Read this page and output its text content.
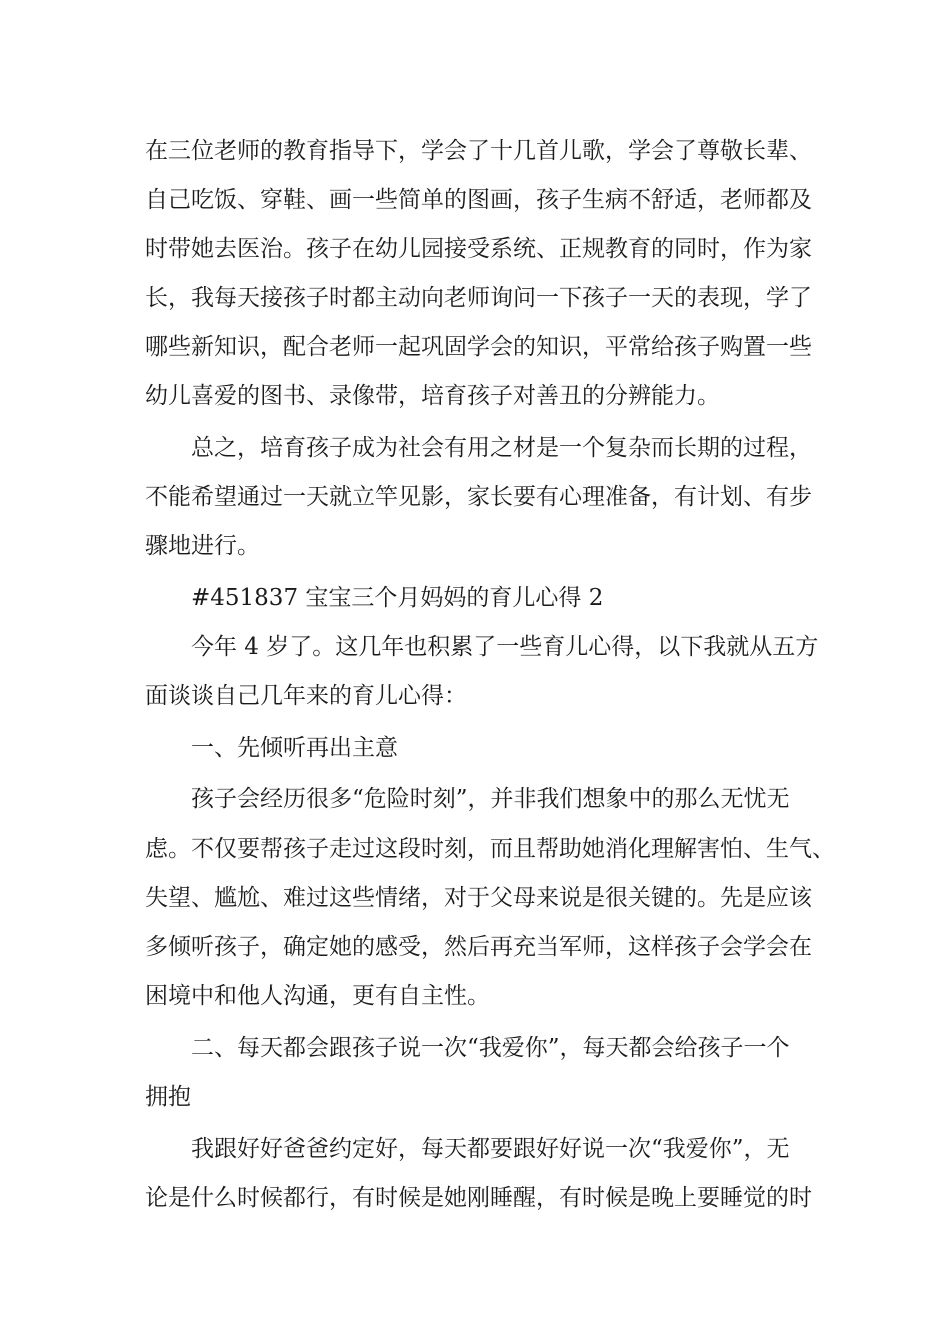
在三位老师的教育指导下，学会了十几首儿歌，学会了尊敬长辈、

自己吃饭、穿鞋、画一些简单的图画，孩子生病不舒适，老师都及

时带她去医治。孩子在幼儿园接受系统、正规教育的同时，作为家

长，我每天接孩子时都主动向老师询问一下孩子一天的表现，学了

哪些新知识，配合老师一起巩固学会的知识，平常给孩子购置一些

幼儿喜爱的图书、录像带，培育孩子对善丑的分辨能力。

总之，培育孩子成为社会有用之材是一个复杂而长期的过程，

不能希望通过一天就立竿见影，家长要有心理准备，有计划、有步

骤地进行。

#451837 宝宝三个月妈妈的育儿心得 2

今年 4 岁了。这几年也积累了一些育儿心得，以下我就从五方

面谈谈自己几年来的育儿心得：

一、先倾听再出主意

孩子会经历很多“危险时刻”，并非我们想象中的那么无忧无

虑。不仅要帮孩子走过这段时刻，而且帮助她消化理解害怕、生气、

失望、尴尬、难过这些情绪，对于父母来说是很关键的。先是应该

多倾听孩子，确定她的感受，然后再充当军师，这样孩子会学会在

困境中和他人沟通，更有自主性。

二、每天都会跟孩子说一次“我爱你”，每天都会给孩子一个

拥抱

我跟好好爸爸约定好，每天都要跟好好说一次“我爱你”，无

论是什么时候都行，有时候是她刚睡醒，有时候是晚上要睡觉的时
